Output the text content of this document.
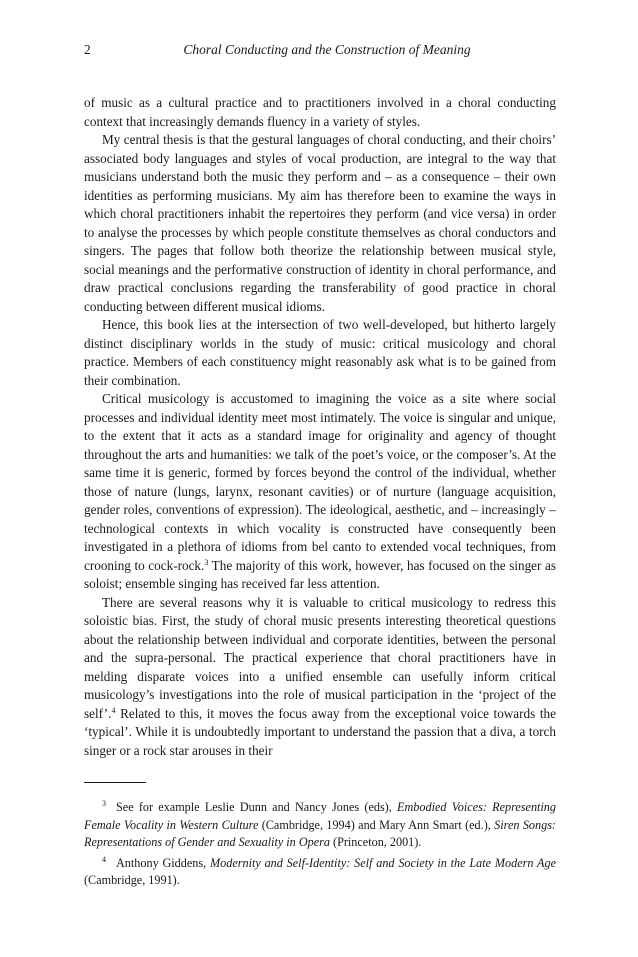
2	Choral Conducting and the Construction of Meaning

of music as a cultural practice and to practitioners involved in a choral conducting context that increasingly demands fluency in a variety of styles.

My central thesis is that the gestural languages of choral conducting, and their choirs’ associated body languages and styles of vocal production, are integral to the way that musicians understand both the music they perform and – as a consequence – their own identities as performing musicians. My aim has therefore been to examine the ways in which choral practitioners inhabit the repertoires they perform (and vice versa) in order to analyse the processes by which people constitute themselves as choral conductors and singers. The pages that follow both theorize the relationship between musical style, social meanings and the performative construction of identity in choral performance, and draw practical conclusions regarding the transferability of good practice in choral conducting between different musical idioms.

Hence, this book lies at the intersection of two well-developed, but hitherto largely distinct disciplinary worlds in the study of music: critical musicology and choral practice. Members of each constituency might reasonably ask what is to be gained from their combination.

Critical musicology is accustomed to imagining the voice as a site where social processes and individual identity meet most intimately. The voice is singular and unique, to the extent that it acts as a standard image for originality and agency of thought throughout the arts and humanities: we talk of the poet’s voice, or the composer’s. At the same time it is generic, formed by forces beyond the control of the individual, whether those of nature (lungs, larynx, resonant cavities) or of nurture (language acquisition, gender roles, conventions of expression). The ideological, aesthetic, and – increasingly – technological contexts in which vocality is constructed have consequently been investigated in a plethora of idioms from bel canto to extended vocal techniques, from crooning to cock-rock.$^3$ The majority of this work, however, has focused on the singer as soloist; ensemble singing has received far less attention.

There are several reasons why it is valuable to critical musicology to redress this soloistic bias. First, the study of choral music presents interesting theoretical questions about the relationship between individual and corporate identities, between the personal and the supra-personal. The practical experience that choral practitioners have in melding disparate voices into a unified ensemble can usefully inform critical musicology’s investigations into the role of musical participation in the ‘project of the self’.$^4$ Related to this, it moves the focus away from the exceptional voice towards the ‘typical’. While it is undoubtedly important to understand the passion that a diva, a torch singer or a rock star arouses in their

3 See for example Leslie Dunn and Nancy Jones (eds), Embodied Voices: Representing Female Vocality in Western Culture (Cambridge, 1994) and Mary Ann Smart (ed.), Siren Songs: Representations of Gender and Sexuality in Opera (Princeton, 2001).

4 Anthony Giddens, Modernity and Self-Identity: Self and Society in the Late Modern Age (Cambridge, 1991).
